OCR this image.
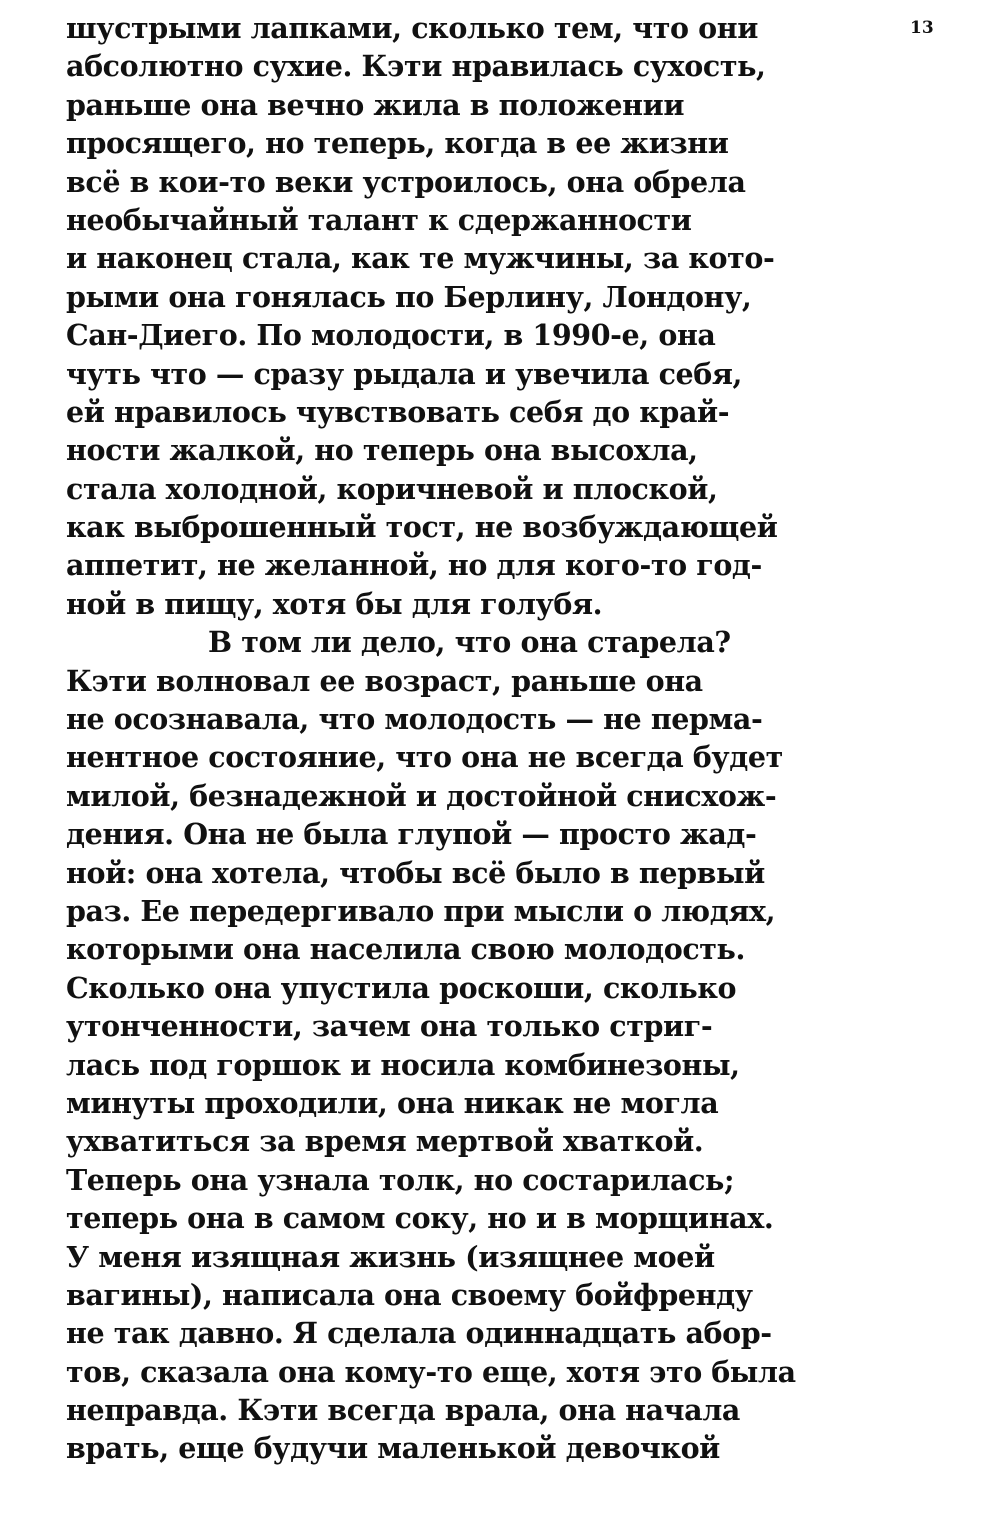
13
шустрыми лапками, сколько тем, что они
абсолютно сухие. Кэти нравилась сухость,
раньше она вечно жила в положении
просящего, но теперь, когда в ее жизни
всё в кои-то веки устроилось, она обрела
необычайный талант к сдержанности
и наконец стала, как те мужчины, за кото-
рыми она гонялась по Берлину, Лондону,
Сан-Диего. По молодости, в 1990-е, она
чуть что — сразу рыдала и увечила себя,
ей нравилось чувствовать себя до край-
ности жалкой, но теперь она высохла,
стала холодной, коричневой и плоской,
как выброшенный тост, не возбуждающей
аппетит, не желанной, но для кого-то год-
ной в пищу, хотя бы для голубя.
В том ли дело, что она старела?
Кэти волновал ее возраст, раньше она
не осознавала, что молодость — не перма-
нентное состояние, что она не всегда будет
милой, безнадежной и достойной снисхож-
дения. Она не была глупой — просто жад-
ной: она хотела, чтобы всё было в первый
раз. Ее передергивало при мысли о людях,
которыми она населила свою молодость.
Сколько она упустила роскоши, сколько
утонченности, зачем она только стриг-
лась под горшок и носила комбинезоны,
минуты проходили, она никак не могла
ухватиться за время мертвой хваткой.
Теперь она узнала толк, но состарилась;
теперь она в самом соку, но и в морщинах.
У меня изящная жизнь (изящнее моей
вагины), написала она своему бойфренду
не так давно. Я сделала одиннадцать абор-
тов, сказала она кому-то еще, хотя это была
неправда. Кэти всегда врала, она начала
врать, еще будучи маленькой девочкой
